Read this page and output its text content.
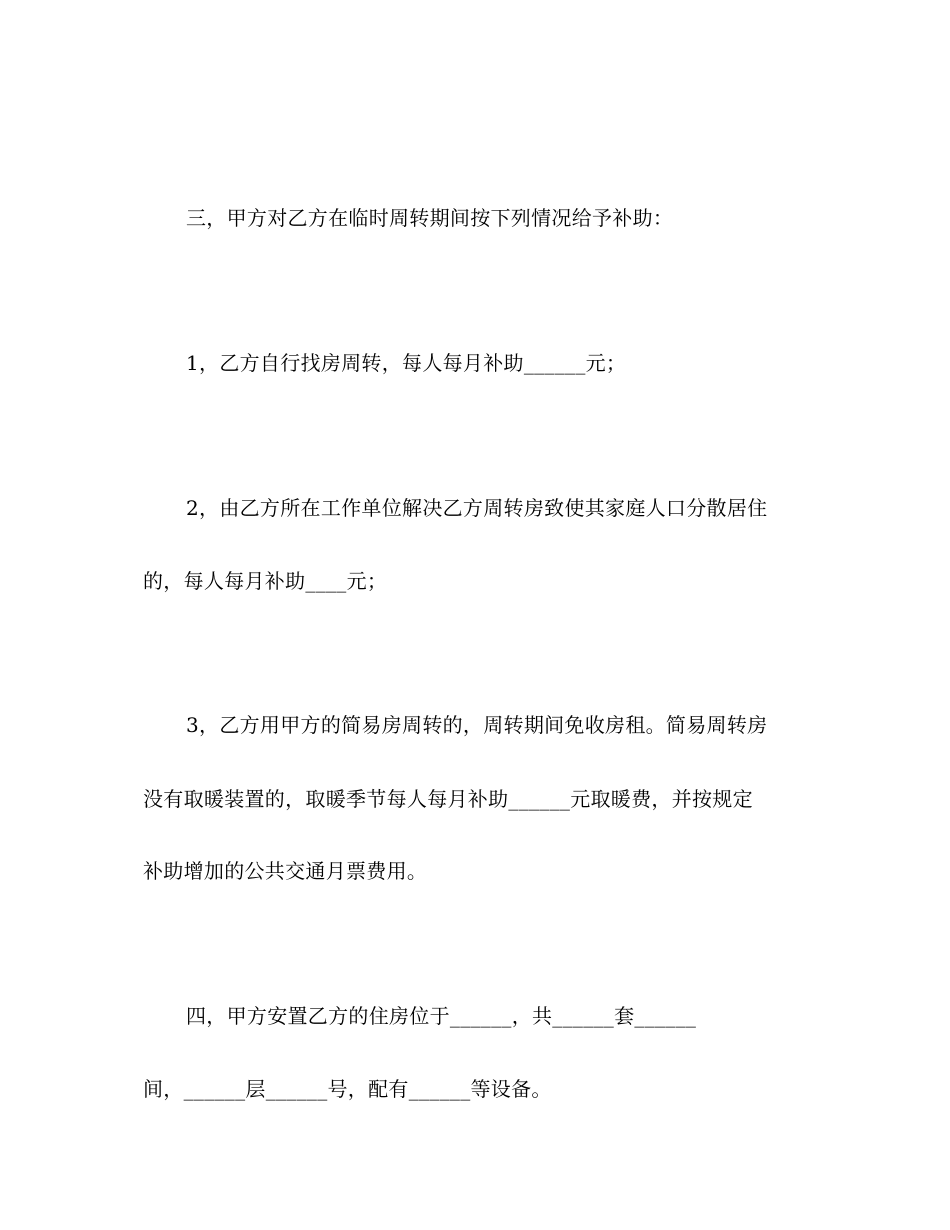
三，甲方对乙方在临时周转期间按下列情况给予补助：
1，乙方自行找房周转，每人每月补助______元；
2，由乙方所在工作单位解决乙方周转房致使其家庭人口分散居住
的，每人每月补助____元；
3，乙方用甲方的简易房周转的，周转期间免收房租。简易周转房
没有取暖装置的，取暖季节每人每月补助______元取暖费，并按规定
补助增加的公共交通月票费用。
四，甲方安置乙方的住房位于______，共______套______
间，______层______号，配有______等设备。
